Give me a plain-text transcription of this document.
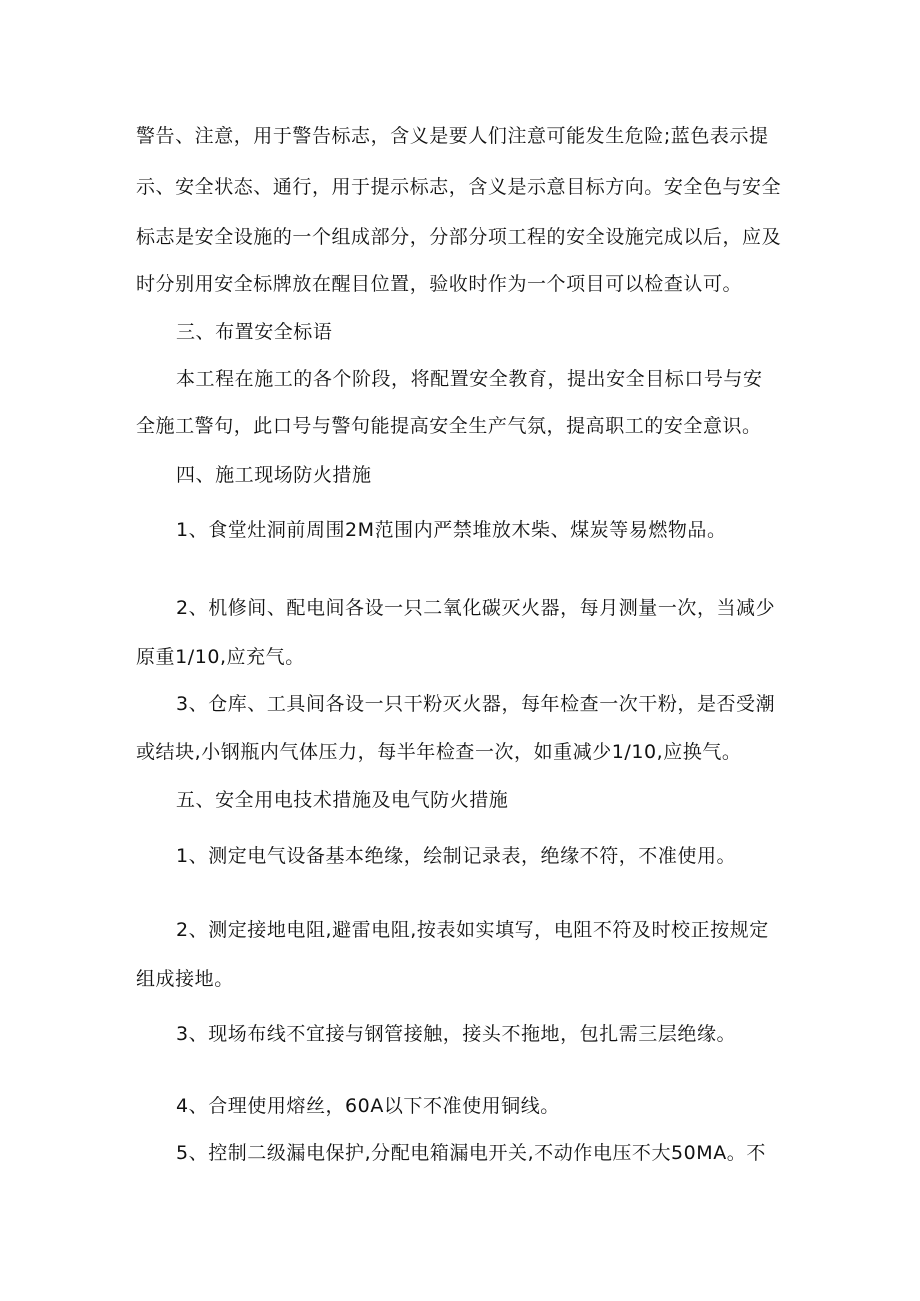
警告、注意，用于警告标志，含义是要人们注意可能发生危险;蓝色表示提

示、安全状态、通行，用于提示标志，含义是示意目标方向。安全色与安全

标志是安全设施的一个组成部分，分部分项工程的安全设施完成以后，应及

时分别用安全标牌放在醒目位置，验收时作为一个项目可以检查认可。

三、布置安全标语

本工程在施工的各个阶段，将配置安全教育，提出安全目标口号与安

全施工警句，此口号与警句能提高安全生产气氛，提高职工的安全意识。

四、施工现场防火措施

1、食堂灶洞前周围2M范围内严禁堆放木柴、煤炭等易燃物品。

2、机修间、配电间各设一只二氧化碳灭火器，每月测量一次，当减少

原重1/10,应充气。

3、仓库、工具间各设一只干粉灭火器，每年检查一次干粉，是否受潮

或结块,小钢瓶内气体压力，每半年检查一次，如重减少1/10,应换气。

五、安全用电技术措施及电气防火措施

1、测定电气设备基本绝缘，绘制记录表，绝缘不符，不准使用。

2、测定接地电阻,避雷电阻,按表如实填写，电阻不符及时校正按规定

组成接地。

3、现场布线不宜接与钢管接触，接头不拖地，包扎需三层绝缘。

4、合理使用熔丝，60A以下不准使用铜线。

5、控制二级漏电保护,分配电箱漏电开关,不动作电压不大50MA。不
